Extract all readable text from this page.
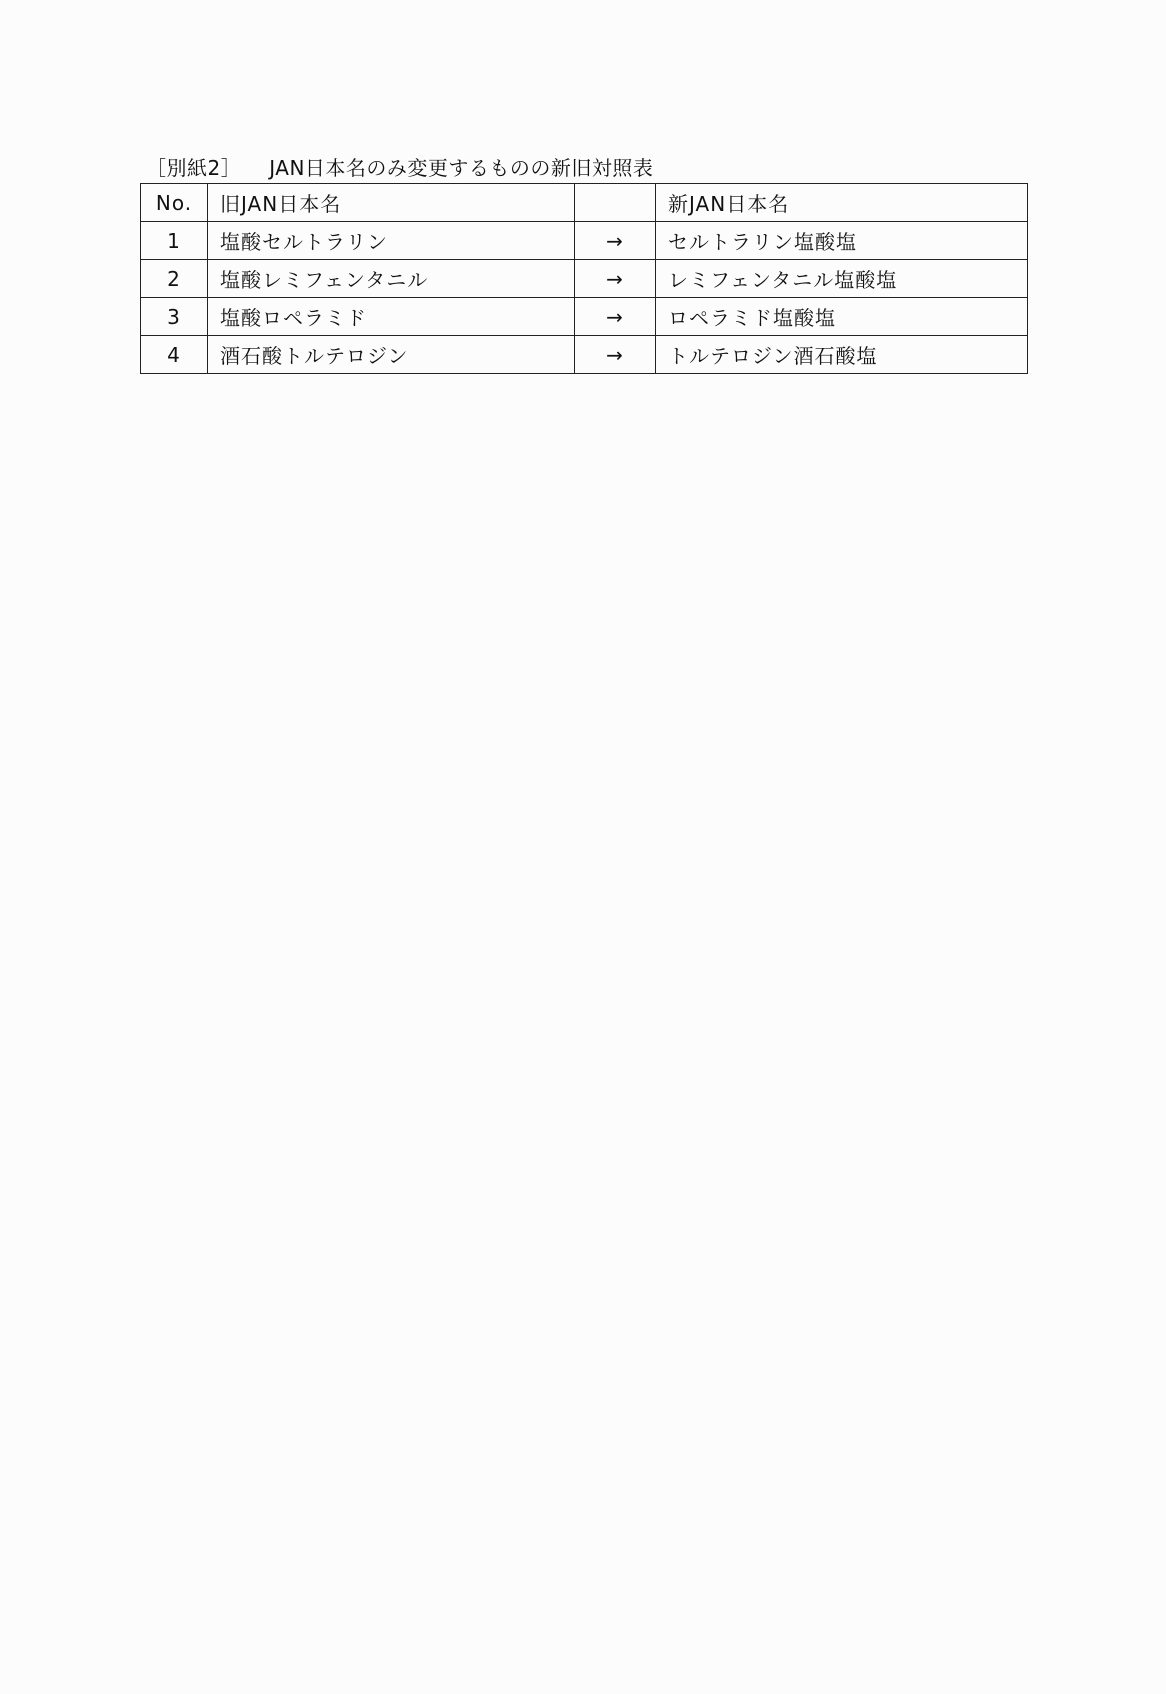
［別紙2］ JAN日本名のみ変更するものの新旧対照表
No.	旧JAN日本名		新JAN日本名
1	塩酸セルトラリン	→	セルトラリン塩酸塩
2	塩酸レミフェンタニル	→	レミフェンタニル塩酸塩
3	塩酸ロペラミド	→	ロペラミド塩酸塩
4	酒石酸トルテロジン	→	トルテロジン酒石酸塩
